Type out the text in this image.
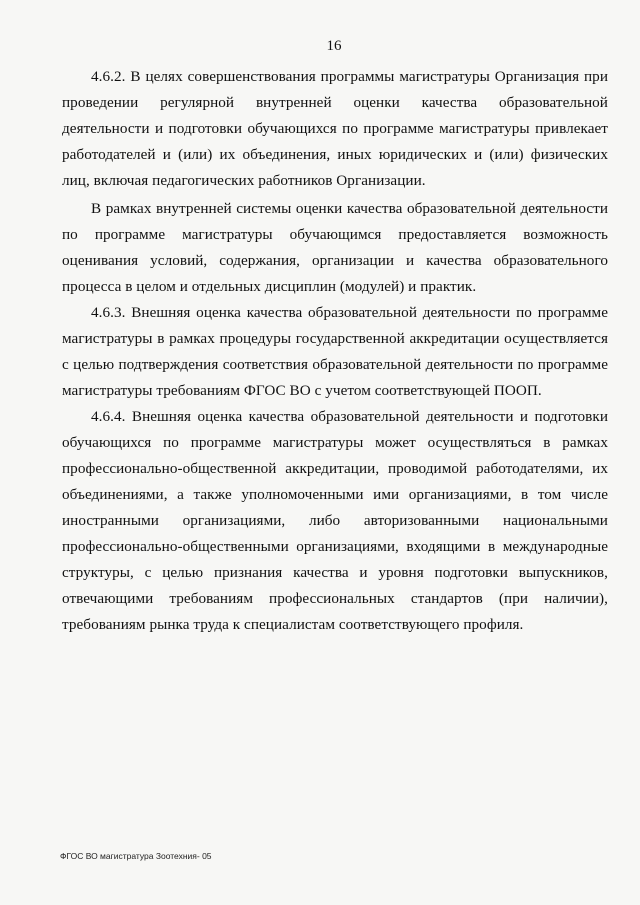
16

4.6.2. В целях совершенствования программы магистратуры Организация при проведении регулярной внутренней оценки качества образовательной деятельности и подготовки обучающихся по программе магистратуры привлекает работодателей и (или) их объединения, иных юридических и (или) физических лиц, включая педагогических работников Организации.

В рамках внутренней системы оценки качества образовательной деятельности по программе магистратуры обучающимся предоставляется возможность оценивания условий, содержания, организации и качества образовательного процесса в целом и отдельных дисциплин (модулей) и практик.

4.6.3. Внешняя оценка качества образовательной деятельности по программе магистратуры в рамках процедуры государственной аккредитации осуществляется с целью подтверждения соответствия образовательной деятельности по программе магистратуры требованиям ФГОС ВО с учетом соответствующей ПООП.

4.6.4. Внешняя оценка качества образовательной деятельности и подготовки обучающихся по программе магистратуры может осуществляться в рамках профессионально-общественной аккредитации, проводимой работодателями, их объединениями, а также уполномоченными ими организациями, в том числе иностранными организациями, либо авторизованными национальными профессионально-общественными организациями, входящими в международные структуры, с целью признания качества и уровня подготовки выпускников, отвечающими требованиям профессиональных стандартов (при наличии), требованиям рынка труда к специалистам соответствующего профиля.

ФГОС ВО магистратура Зоотехния- 05
